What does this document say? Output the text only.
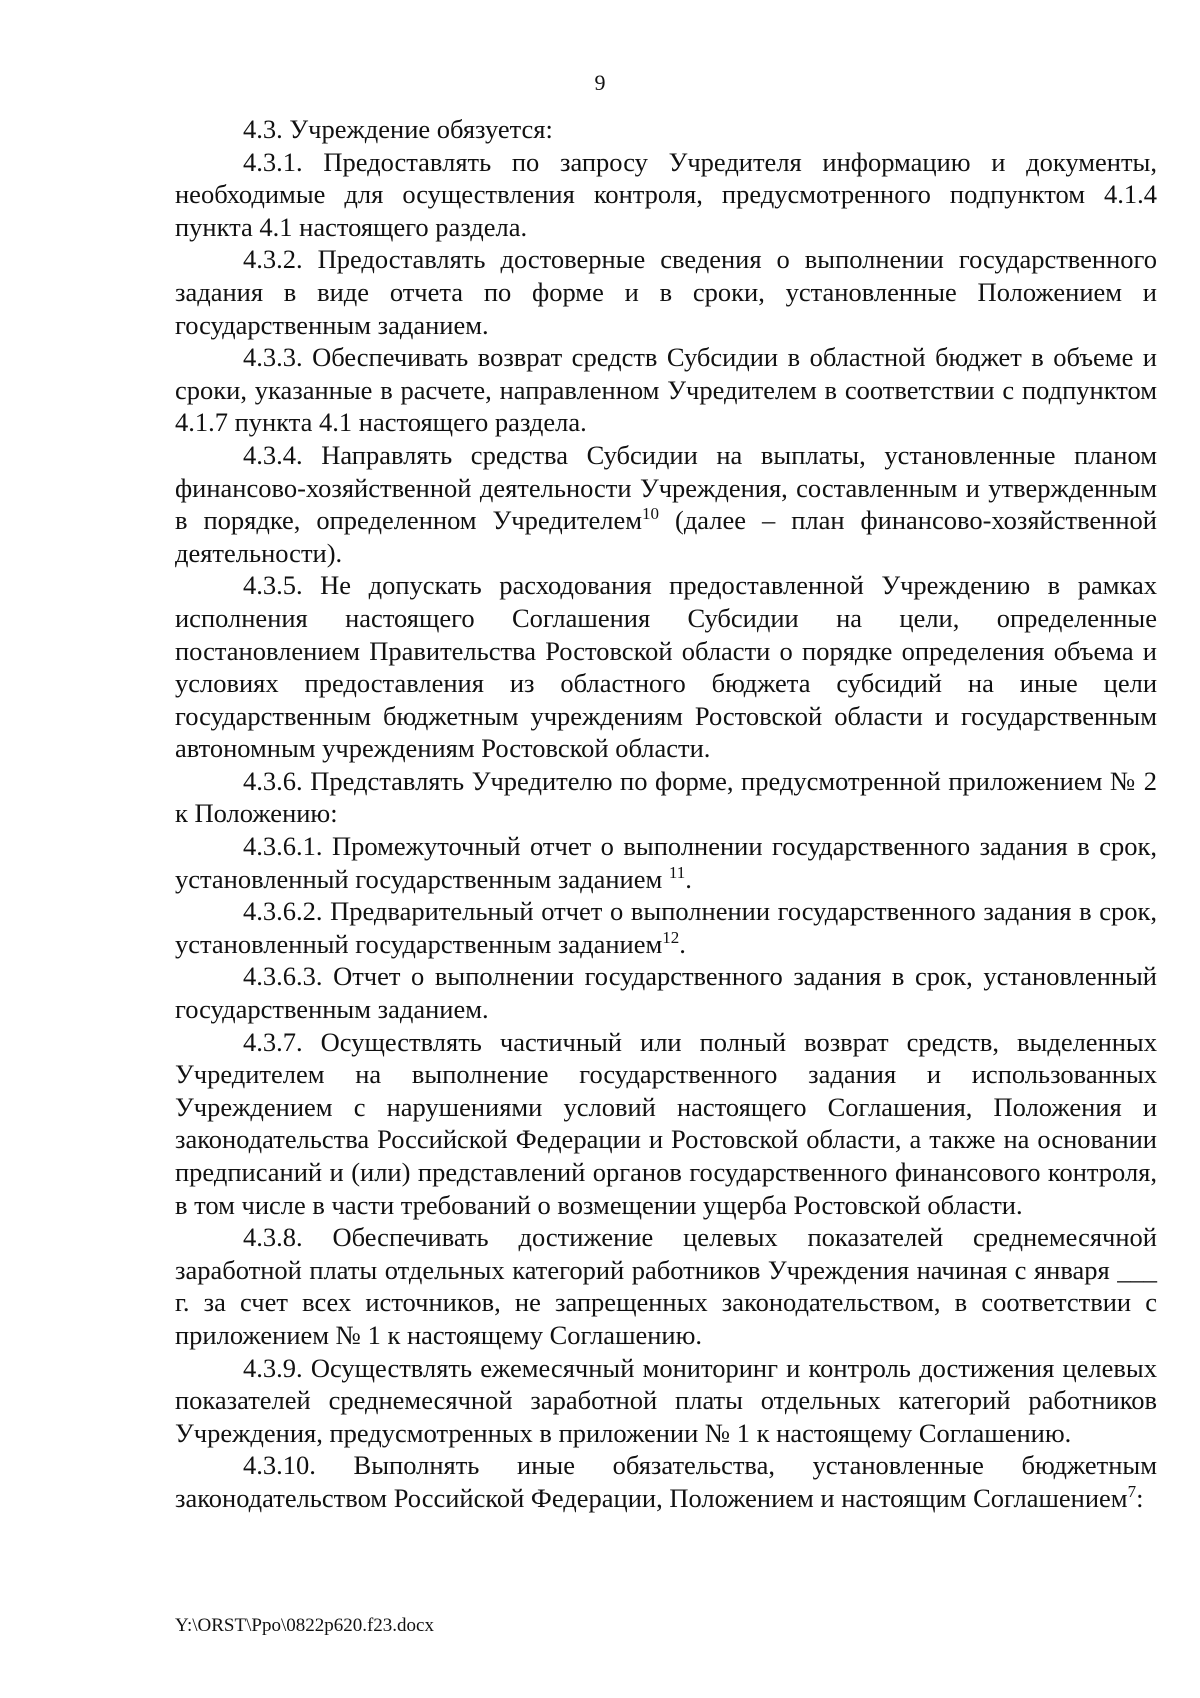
9

4.3. Учреждение обязуется:

4.3.1. Предоставлять по запросу Учредителя информацию и документы, необходимые для осуществления контроля, предусмотренного подпунктом 4.1.4 пункта 4.1 настоящего раздела.

4.3.2. Предоставлять достоверные сведения о выполнении государственного задания в виде отчета по форме и в сроки, установленные Положением и государственным заданием.

4.3.3. Обеспечивать возврат средств Субсидии в областной бюджет в объеме и сроки, указанные в расчете, направленном Учредителем в соответствии с подпунктом 4.1.7 пункта 4.1 настоящего раздела.

4.3.4. Направлять средства Субсидии на выплаты, установленные планом финансово-хозяйственной деятельности Учреждения, составленным и утвержденным в порядке, определенном Учредителем$^{10}$ (далее – план финансово-хозяйственной деятельности).

4.3.5. Не допускать расходования предоставленной Учреждению в рамках исполнения настоящего Соглашения Субсидии на цели, определенные постановлением Правительства Ростовской области о порядке определения объема и условиях предоставления из областного бюджета субсидий на иные цели государственным бюджетным учреждениям Ростовской области и государственным автономным учреждениям Ростовской области.

4.3.6. Представлять Учредителю по форме, предусмотренной приложением № 2 к Положению:

4.3.6.1. Промежуточный отчет о выполнении государственного задания в срок, установленный государственным заданием $^{11}$.

4.3.6.2. Предварительный отчет о выполнении государственного задания в срок, установленный государственным заданием$^{12}$.

4.3.6.3. Отчет о выполнении государственного задания в срок, установленный государственным заданием.

4.3.7. Осуществлять частичный или полный возврат средств, выделенных Учредителем на выполнение государственного задания и использованных Учреждением с нарушениями условий настоящего Соглашения, Положения и законодательства Российской Федерации и Ростовской области, а также на основании предписаний и (или) представлений органов государственного финансового контроля, в том числе в части требований о возмещении ущерба Ростовской области.

4.3.8. Обеспечивать достижение целевых показателей среднемесячной заработной платы отдельных категорий работников Учреждения начиная с января ___ г. за счет всех источников, не запрещенных законодательством, в соответствии с приложением № 1 к настоящему Соглашению.

4.3.9. Осуществлять ежемесячный мониторинг и контроль достижения целевых показателей среднемесячной заработной платы отдельных категорий работников Учреждения, предусмотренных в приложении № 1 к настоящему Соглашению.

4.3.10. Выполнять иные обязательства, установленные бюджетным законодательством Российской Федерации, Положением и настоящим Соглашением$^7$:

Y:\ORST\Ppo\0822p620.f23.docx
